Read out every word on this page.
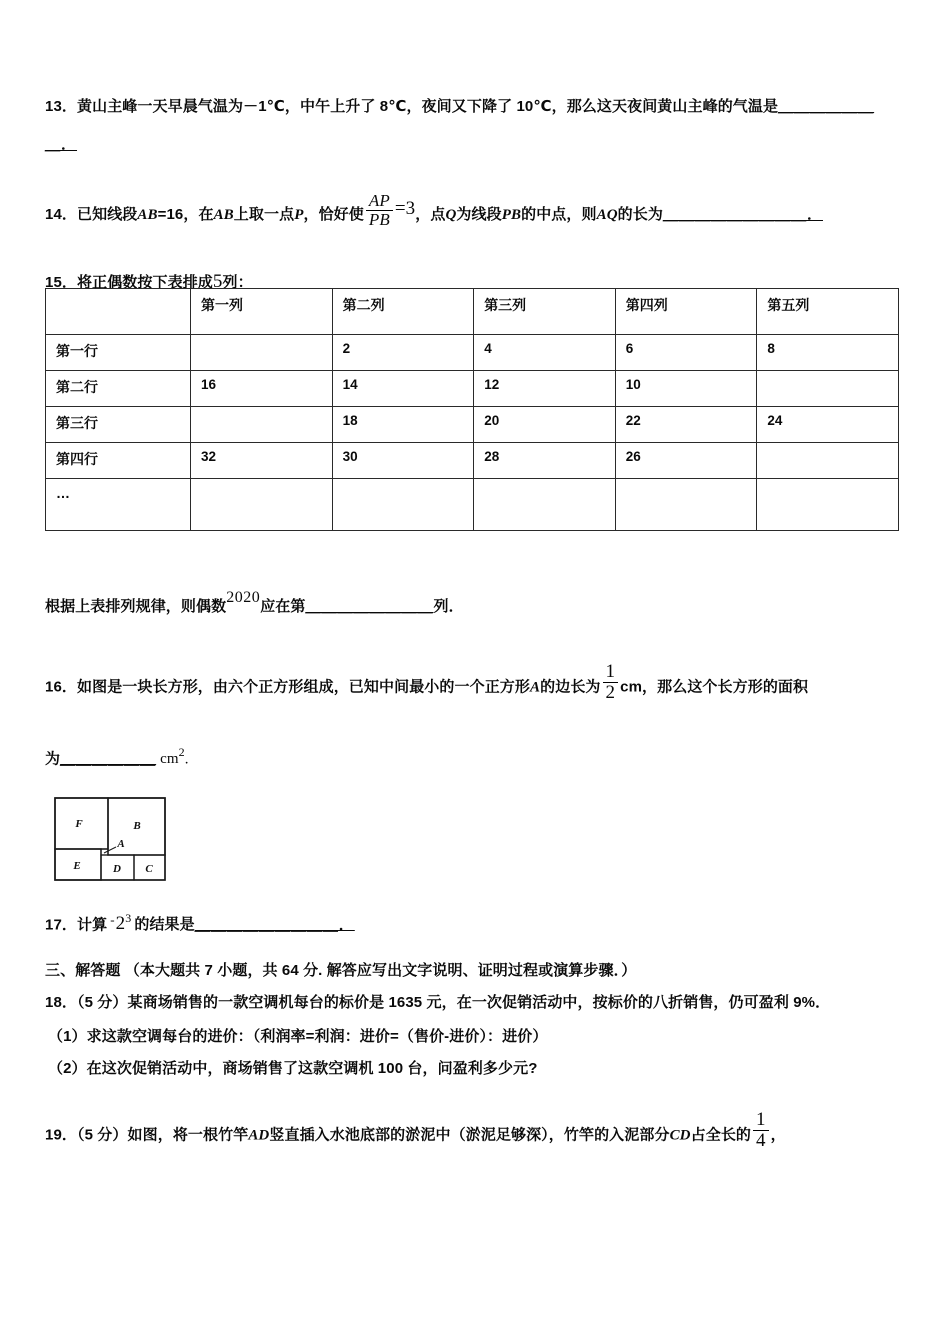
13．黄山主峰一天早晨气温为－1℃，中午上升了 8℃，夜间又下降了 10℃，那么这天夜间黄山主峰的气温是＿＿＿＿＿＿
＿．
14．已知线段AB=16，在AB上取一点P，恰好使 $\frac{AP}{PB} =3$，点Q为线段PB的中点，则AQ的长为＿＿＿＿＿＿＿＿＿．
15．将正偶数按下表排成5列：
	第一列	第二列	第三列	第四列	第五列
第一行		2	4	6	8
第二行	16	14	12	10	
第三行		18	20	22	24
第四行	32	30	28	26	
…					
根据上表排列规律，则偶数2020应在第＿＿＿＿＿＿＿＿列．
16．如图是一块长方形，由六个正方形组成，已知中间最小的一个正方形A的边长为 $\frac{1}{2}$ cm，那么这个长方形的面积
为＿＿＿＿＿＿ $cm^2$.
F	B
A
E	D C
17．计算 $-2^3$ 的结果是＿＿＿＿＿＿＿＿＿．
三、解答题 （本大题共 7 小题，共 64 分. 解答应写出文字说明、证明过程或演算步骤．）
18．（5 分）某商场销售的一款空调机每台的标价是 1635 元，在一次促销活动中，按标价的八折销售，仍可盈利 9%．
（1）求这款空调每台的进价：（利润率=利润：进价=（售价-进价）：进价）
（2）在这次促销活动中，商场销售了这款空调机 100 台，问盈利多少元?
19．（5 分）如图，将一根竹竿AD竖直插入水池底部的淤泥中（淤泥足够深），竹竿的入泥部分CD占全长的 $\frac{1}{4}$ ，
